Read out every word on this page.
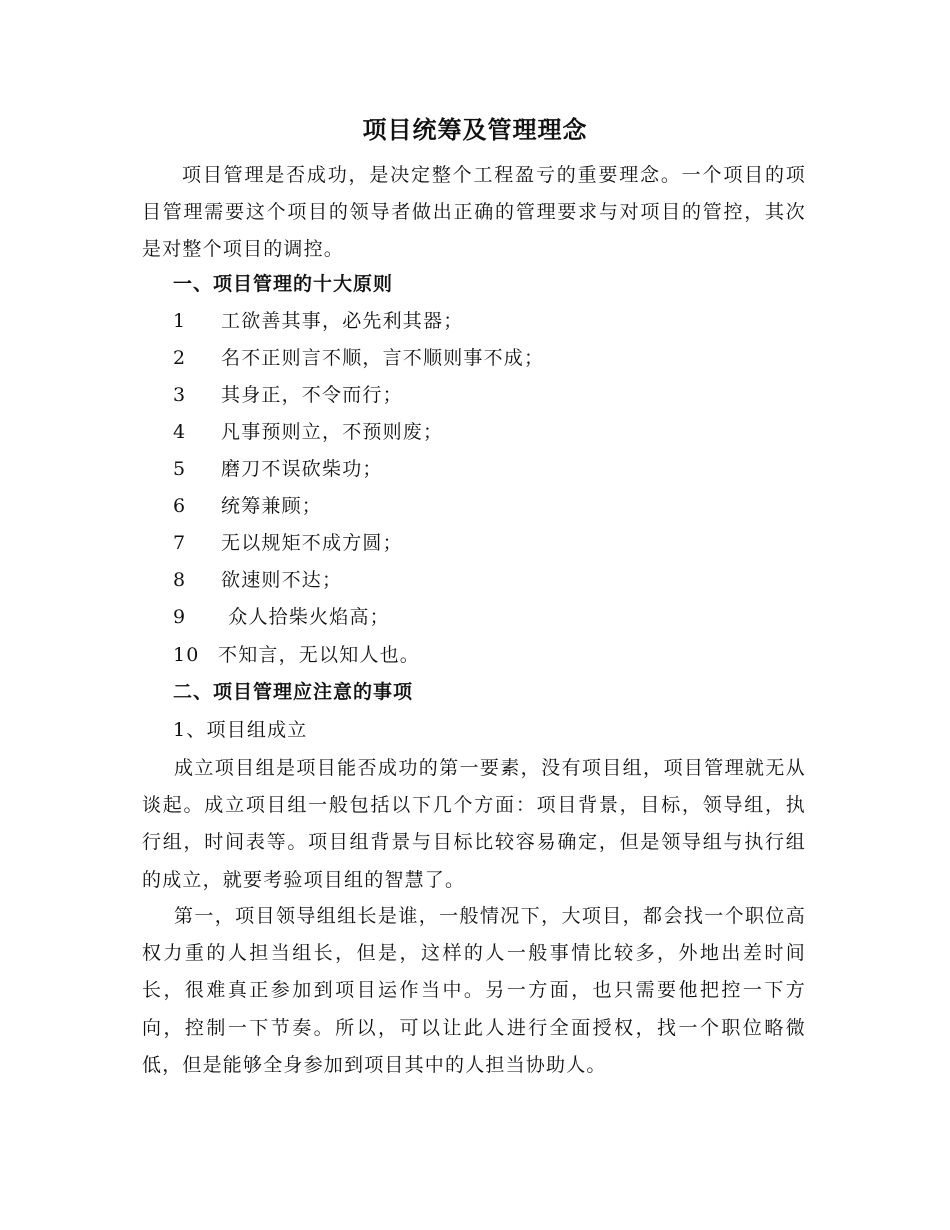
项目统筹及管理理念

项目管理是否成功，是决定整个工程盈亏的重要理念。一个项目的项目管理需要这个项目的领导者做出正确的管理要求与对项目的管控，其次是对整个项目的调控。

一、项目管理的十大原则
1 工欲善其事，必先利其器；
2 名不正则言不顺，言不顺则事不成；
3 其身正，不令而行；
4 凡事预则立，不预则废；
5 磨刀不误砍柴功；
6 统筹兼顾；
7 无以规矩不成方圆；
8 欲速则不达；
9 众人拾柴火焰高；
10 不知言，无以知人也。
二、项目管理应注意的事项
1、项目组成立

成立项目组是项目能否成功的第一要素，没有项目组，项目管理就无从谈起。成立项目组一般包括以下几个方面：项目背景，目标，领导组，执行组，时间表等。项目组背景与目标比较容易确定，但是领导组与执行组的成立，就要考验项目组的智慧了。

第一，项目领导组组长是谁，一般情况下，大项目，都会找一个职位高权力重的人担当组长，但是，这样的人一般事情比较多，外地出差时间长，很难真正参加到项目运作当中。另一方面，也只需要他把控一下方向，控制一下节奏。所以，可以让此人进行全面授权，找一个职位略微低，但是能够全身参加到项目其中的人担当协助人。
